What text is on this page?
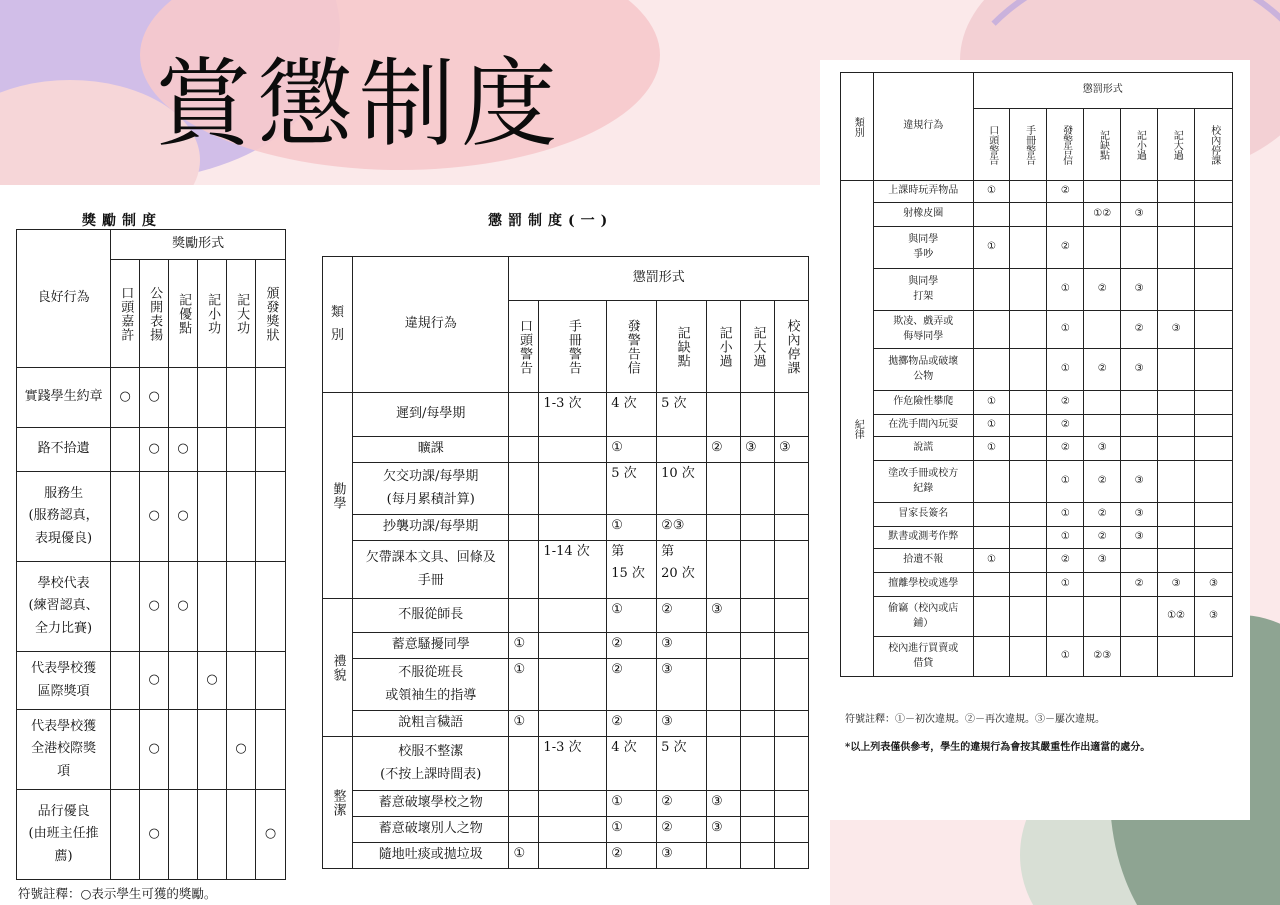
賞懲制度
獎勵制度
良好行為	獎勵形式					

	口頭嘉許	公開表揚	記優點	記小功	記大功	頒發獎狀

實踐學生約章	○	○				
路不拾遺		○	○			
服務生
(服務認真，
表現優良)		○	○			
學校代表
(練習認真、
全力比賽)		○	○			
代表學校獲
區際獎項		○		○		
代表學校獲
全港校際獎
項		○			○	
品行優良
(由班主任推
薦)		○				○
符號註釋：○表示學生可獲的獎勵。
懲罰制度(一)
類別	違規行為	懲罰形式						

		口頭警告	手冊警告	發警告信	記缺點	記小過	記大過	校內停課

勤學	遲到/每學期		1-3 次	4 次	5 次			
	曠課			①		②	③	③
	欠交功課/每學期
(每月累積計算)			5 次	10 次			
	抄襲功課/每學期			①	②③			
	欠帶課本文具、回條及
手冊		1-14 次	第
15 次	第
20 次			

禮貌	不服從師長			①	②	③		
	蓄意騷擾同學	①		②	③			
	不服從班長
或領袖生的指導	①		②	③			
	說粗言穢語	①		②	③			

整潔	校服不整潔
(不按上課時間表)		1-3 次	4 次	5 次			
	蓄意破壞學校之物			①	②	③		
	蓄意破壞別人之物			①	②	③		
	隨地吐痰或拋垃圾	①		②	③			
類別	違規行為	懲罰形式						

		口頭警告	手冊警告	發警告信	記缺點	記小過	記大過	校內停課

紀律	上課時玩弄物品	①		②				
	射橡皮圈				①②	③		
	與同學
爭吵	①		②				
	與同學
打架			①	②	③		
	欺凌、戲弄或
侮辱同學			①		②	③	
	拋擲物品或破壞
公物			①	②	③		
	作危險性攀爬	①		②				
	在洗手間內玩耍	①		②				
	說謊	①		②	③			
	塗改手冊或校方
紀錄			①	②	③		
	冒家長簽名			①	②	③		
	默書或測考作弊			①	②	③		
	拾遺不報	①		②	③			
	擅離學校或逃學			①		②	③	③
	偷竊（校內或店
鋪）						①②	③
	校內進行買賣或
借貸			①	②③			
符號註釋：①－初次違規。②－再次違規。③－屢次違規。
*以上列表僅供參考，學生的違規行為會按其嚴重性作出適當的處分。
